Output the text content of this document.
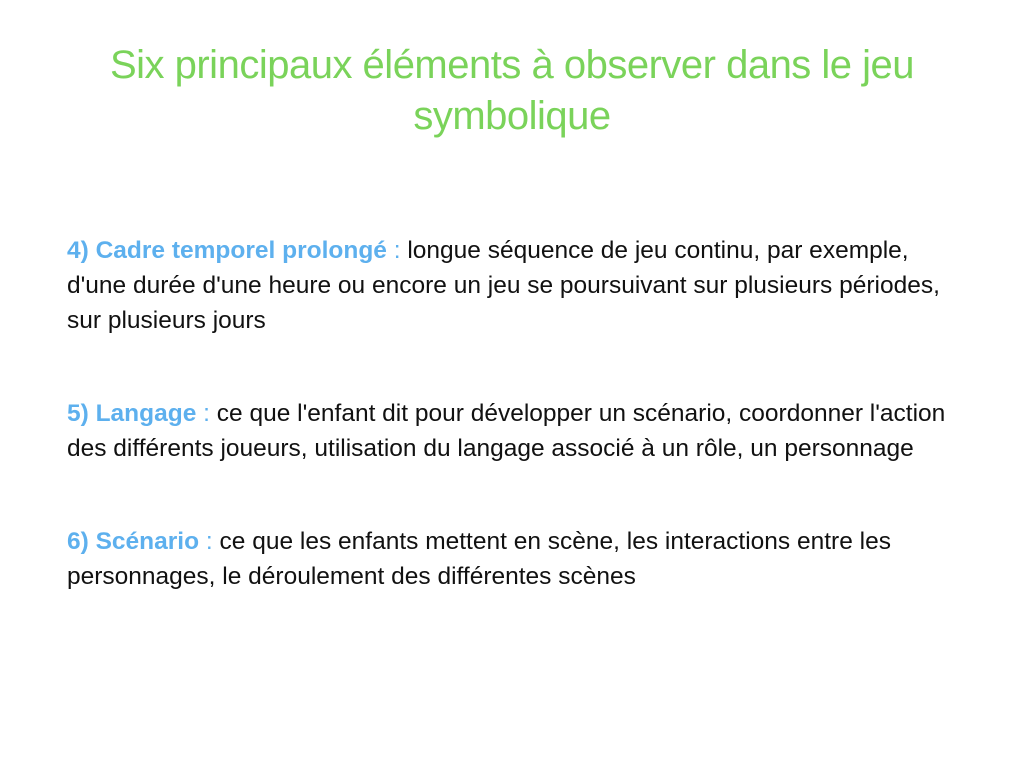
Six principaux éléments à observer dans le jeu symbolique

4) Cadre temporel prolongé : longue séquence de jeu continu, par exemple, d'une durée d'une heure ou encore un jeu se poursuivant sur plusieurs périodes, sur plusieurs jours

5) Langage : ce que l'enfant dit pour développer un scénario, coordonner l'action des différents joueurs, utilisation du langage associé à un rôle, un personnage

6) Scénario : ce que les enfants mettent en scène, les interactions entre les personnages, le déroulement des différentes scènes
